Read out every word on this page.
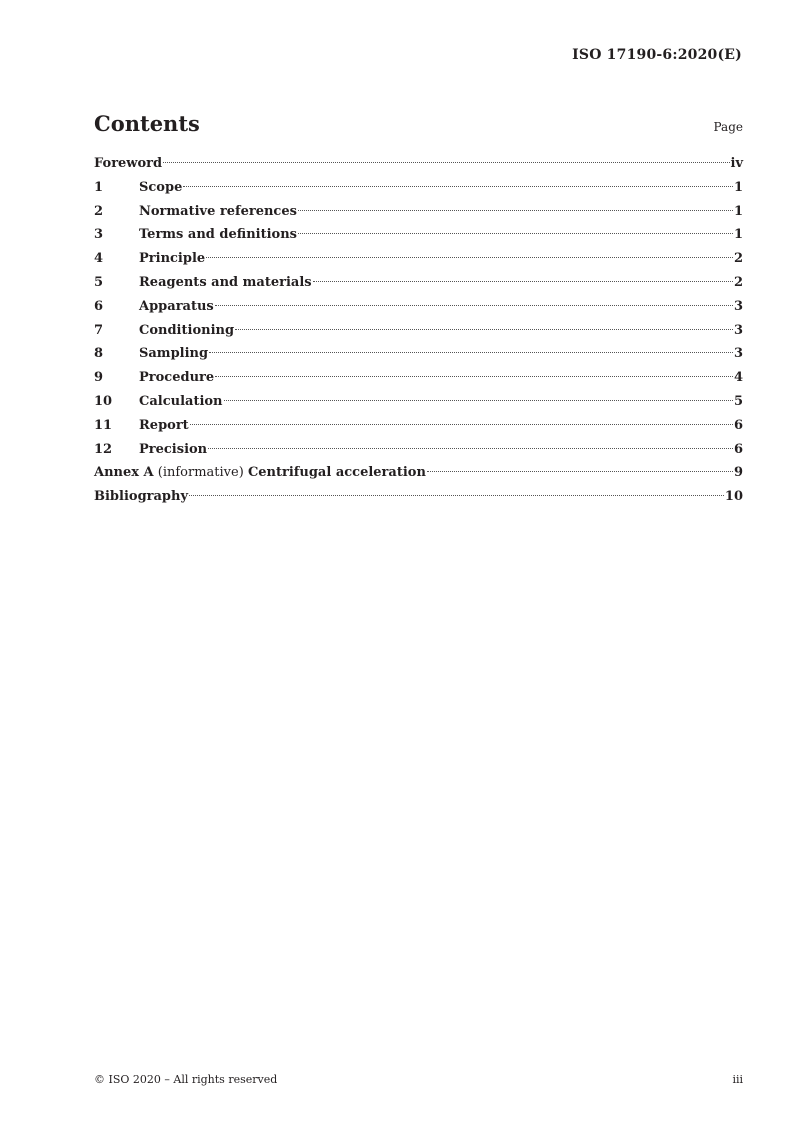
ISO 17190-6:2020(E)
Contents	Page
Foreword	iv
1	Scope	1
2	Normative references	1
3	Terms and definitions	1
4	Principle	2
5	Reagents and materials	2
6	Apparatus	3
7	Conditioning	3
8	Sampling	3
9	Procedure	4
10	Calculation	5
11	Report	6
12	Precision	6
Annex A (informative) Centrifugal acceleration	9
Bibliography	10
© ISO 2020 – All rights reserved	iii
